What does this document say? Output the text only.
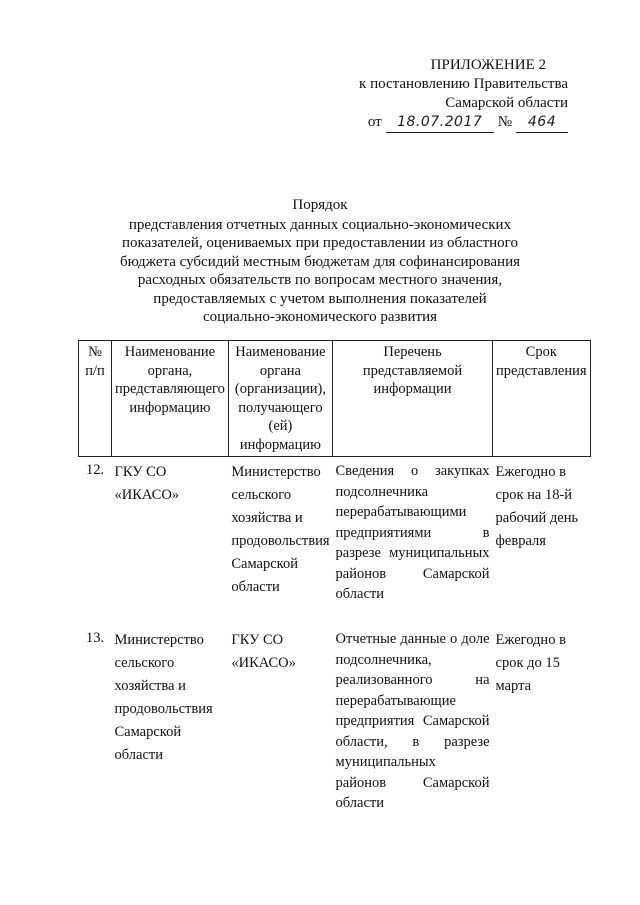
ПРИЛОЖЕНИЕ 2
к постановлению Правительства
Самарской области
от	18.07.2017	№	464
Порядок
представления отчетных данных социально-экономических
показателей, оцениваемых при предоставлении из областного
бюджета субсидий местным бюджетам для софинансирования
расходных обязательств по вопросам местного значения,
предоставляемых с учетом выполнения показателей
социально-экономического развития
№ п/п	Наименование органа, представляющего информацию	Наименование органа (организации), получающего (ей) информацию	Перечень представляемой информации	Срок представления
12.	ГКУ СО «ИКАСО»	Министерство сельского хозяйства и продовольствия Самарской области	Сведения о закупках подсолнечника перерабатывающими предприятиями в разрезе муниципальных районов Самарской области	Ежегодно в срок на 18-й рабочий день февраля
13.	Министерство сельского хозяйства и продовольствия Самарской области	ГКУ СО «ИКАСО»	Отчетные данные о доле подсолнечника, реализованного на перерабатывающие предприятия Самарской области, в разрезе муниципальных районов Самарской области	Ежегодно в срок до 15 марта
